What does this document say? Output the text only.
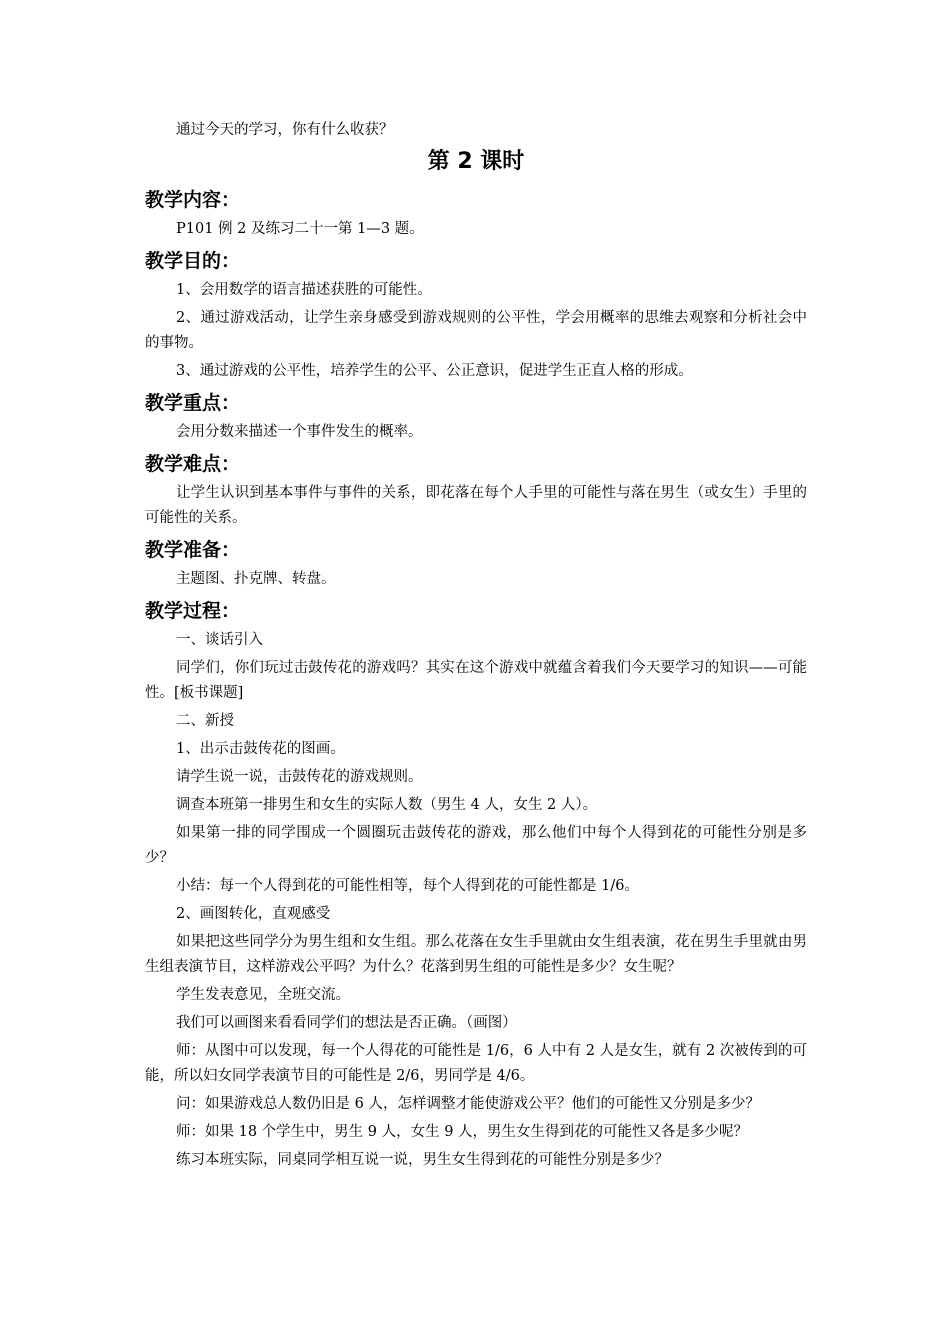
通过今天的学习，你有什么收获？

第 2 课时
教学内容：

P101 例 2 及练习二十一第 1—3 题。

教学目的：

1、会用数学的语言描述获胜的可能性。

2、通过游戏活动，让学生亲身感受到游戏规则的公平性，学会用概率的思维去观察和分析社会中的事物。

3、通过游戏的公平性，培养学生的公平、公正意识，促进学生正直人格的形成。

教学重点：

会用分数来描述一个事件发生的概率。

教学难点：

让学生认识到基本事件与事件的关系，即花落在每个人手里的可能性与落在男生（或女生）手里的可能性的关系。

教学准备：

主题图、扑克牌、转盘。

教学过程：

一、谈话引入

同学们，你们玩过击鼓传花的游戏吗？其实在这个游戏中就蕴含着我们今天要学习的知识——可能性。[板书课题]

二、新授

1、出示击鼓传花的图画。

请学生说一说，击鼓传花的游戏规则。

调查本班第一排男生和女生的实际人数（男生 4 人，女生 2 人）。

如果第一排的同学围成一个圆圈玩击鼓传花的游戏，那么他们中每个人得到花的可能性分别是多少？

小结：每一个人得到花的可能性相等，每个人得到花的可能性都是 1/6。

2、画图转化，直观感受

如果把这些同学分为男生组和女生组。那么花落在女生手里就由女生组表演，花在男生手里就由男生组表演节目，这样游戏公平吗？为什么？花落到男生组的可能性是多少？女生呢？

学生发表意见，全班交流。

我们可以画图来看看同学们的想法是否正确。（画图）

师：从图中可以发现，每一个人得花的可能性是 1/6，6 人中有 2 人是女生，就有 2 次被传到的可能，所以妇女同学表演节目的可能性是 2/6，男同学是 4/6。

问：如果游戏总人数仍旧是 6 人，怎样调整才能使游戏公平？他们的可能性又分别是多少？

师：如果 18 个学生中，男生 9 人，女生 9 人，男生女生得到花的可能性又各是多少呢？

练习本班实际，同桌同学相互说一说，男生女生得到花的可能性分别是多少？
